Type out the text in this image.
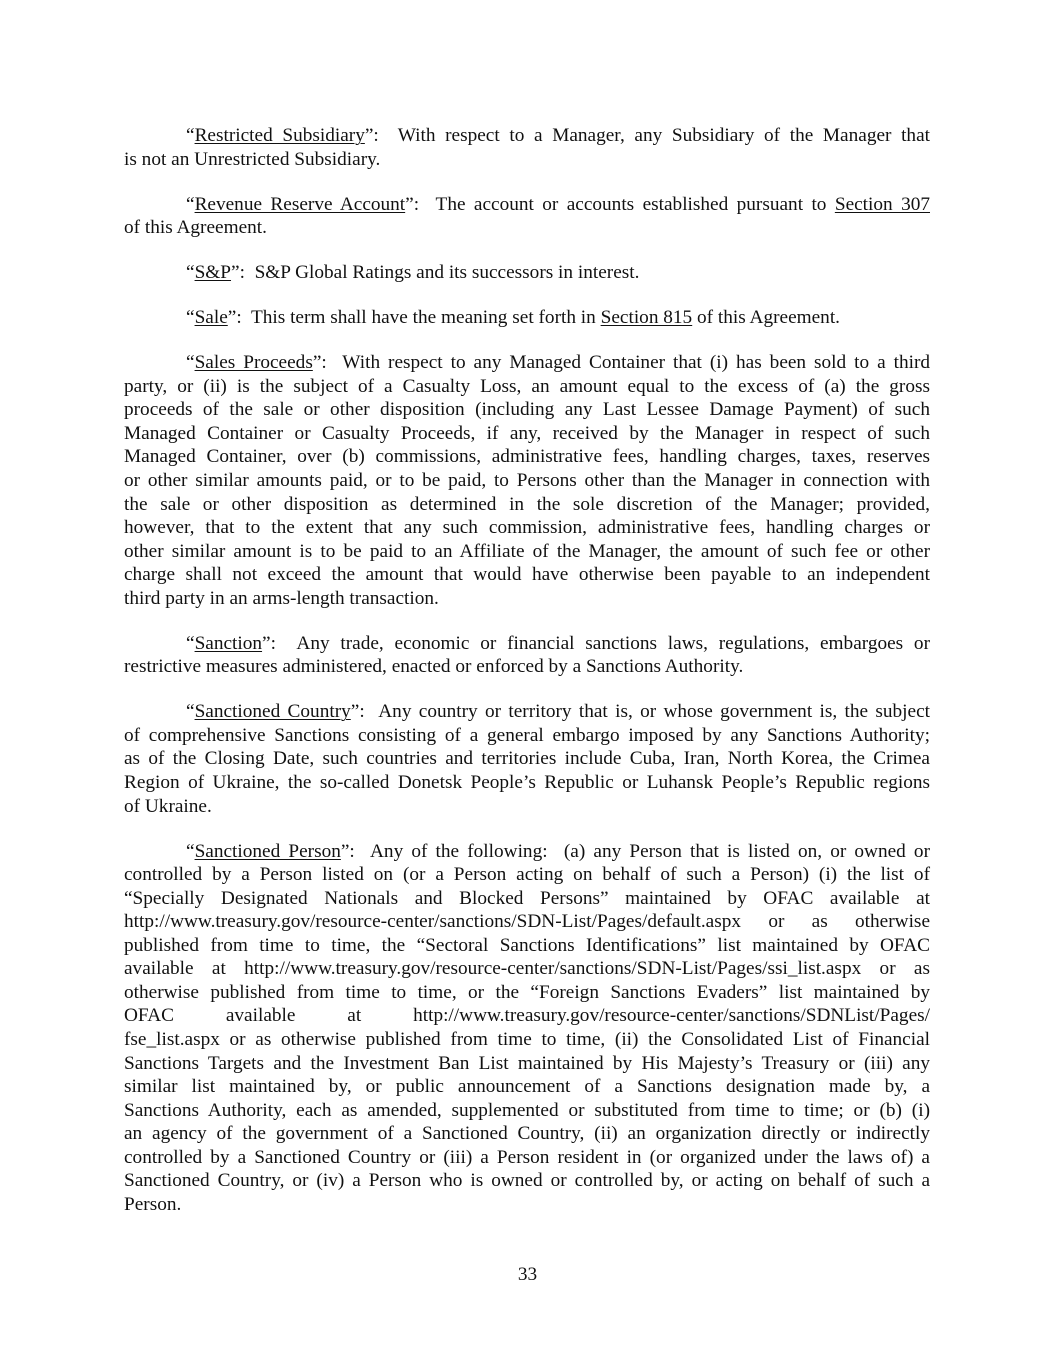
“Restricted Subsidiary”:  With respect to a Manager, any Subsidiary of the Manager that
is not an Unrestricted Subsidiary.
“Revenue Reserve Account”:  The account or accounts established pursuant to Section 307
of this Agreement.
“S&P”:  S&P Global Ratings and its successors in interest.
“Sale”:  This term shall have the meaning set forth in Section 815 of this Agreement.
“Sales Proceeds”:  With respect to any Managed Container that (i) has been sold to a third
party, or (ii) is the subject of a Casualty Loss, an amount equal to the excess of (a) the gross
proceeds of the sale or other disposition (including any Last Lessee Damage Payment) of such
Managed Container or Casualty Proceeds, if any, received by the Manager in respect of such
Managed Container, over (b) commissions, administrative fees, handling charges, taxes, reserves
or other similar amounts paid, or to be paid, to Persons other than the Manager in connection with
the sale or other disposition as determined in the sole discretion of the Manager; provided,
however, that to the extent that any such commission, administrative fees, handling charges or
other similar amount is to be paid to an Affiliate of the Manager, the amount of such fee or other
charge shall not exceed the amount that would have otherwise been payable to an independent
third party in an arms-length transaction.
“Sanction”:  Any trade, economic or financial sanctions laws, regulations, embargoes or
restrictive measures administered, enacted or enforced by a Sanctions Authority.
“Sanctioned Country”:  Any country or territory that is, or whose government is, the subject
of comprehensive Sanctions consisting of a general embargo imposed by any Sanctions Authority;
as of the Closing Date, such countries and territories include Cuba, Iran, North Korea, the Crimea
Region of Ukraine, the so-called Donetsk People’s Republic or Luhansk People’s Republic regions
of Ukraine.
“Sanctioned Person”:  Any of the following:  (a) any Person that is listed on, or owned or
controlled by a Person listed on (or a Person acting on behalf of such a Person) (i) the list of
“Specially Designated Nationals and Blocked Persons” maintained by OFAC available at
http://www.treasury.gov/resource-center/sanctions/SDN-List/Pages/default.aspx or as otherwise
published from time to time, the “Sectoral Sanctions Identifications” list maintained by OFAC
available at http://www.treasury.gov/resource-center/sanctions/SDN-List/Pages/ssi_list.aspx or as
otherwise published from time to time, or the “Foreign Sanctions Evaders” list maintained by
OFAC available at http://www.treasury.gov/resource-center/sanctions/SDNList/Pages/
fse_list.aspx or as otherwise published from time to time, (ii) the Consolidated List of Financial
Sanctions Targets and the Investment Ban List maintained by His Majesty’s Treasury or (iii) any
similar list maintained by, or public announcement of a Sanctions designation made by, a
Sanctions Authority, each as amended, supplemented or substituted from time to time; or (b) (i)
an agency of the government of a Sanctioned Country, (ii) an organization directly or indirectly
controlled by a Sanctioned Country or (iii) a Person resident in (or organized under the laws of) a
Sanctioned Country, or (iv) a Person who is owned or controlled by, or acting on behalf of such a
Person.
33
